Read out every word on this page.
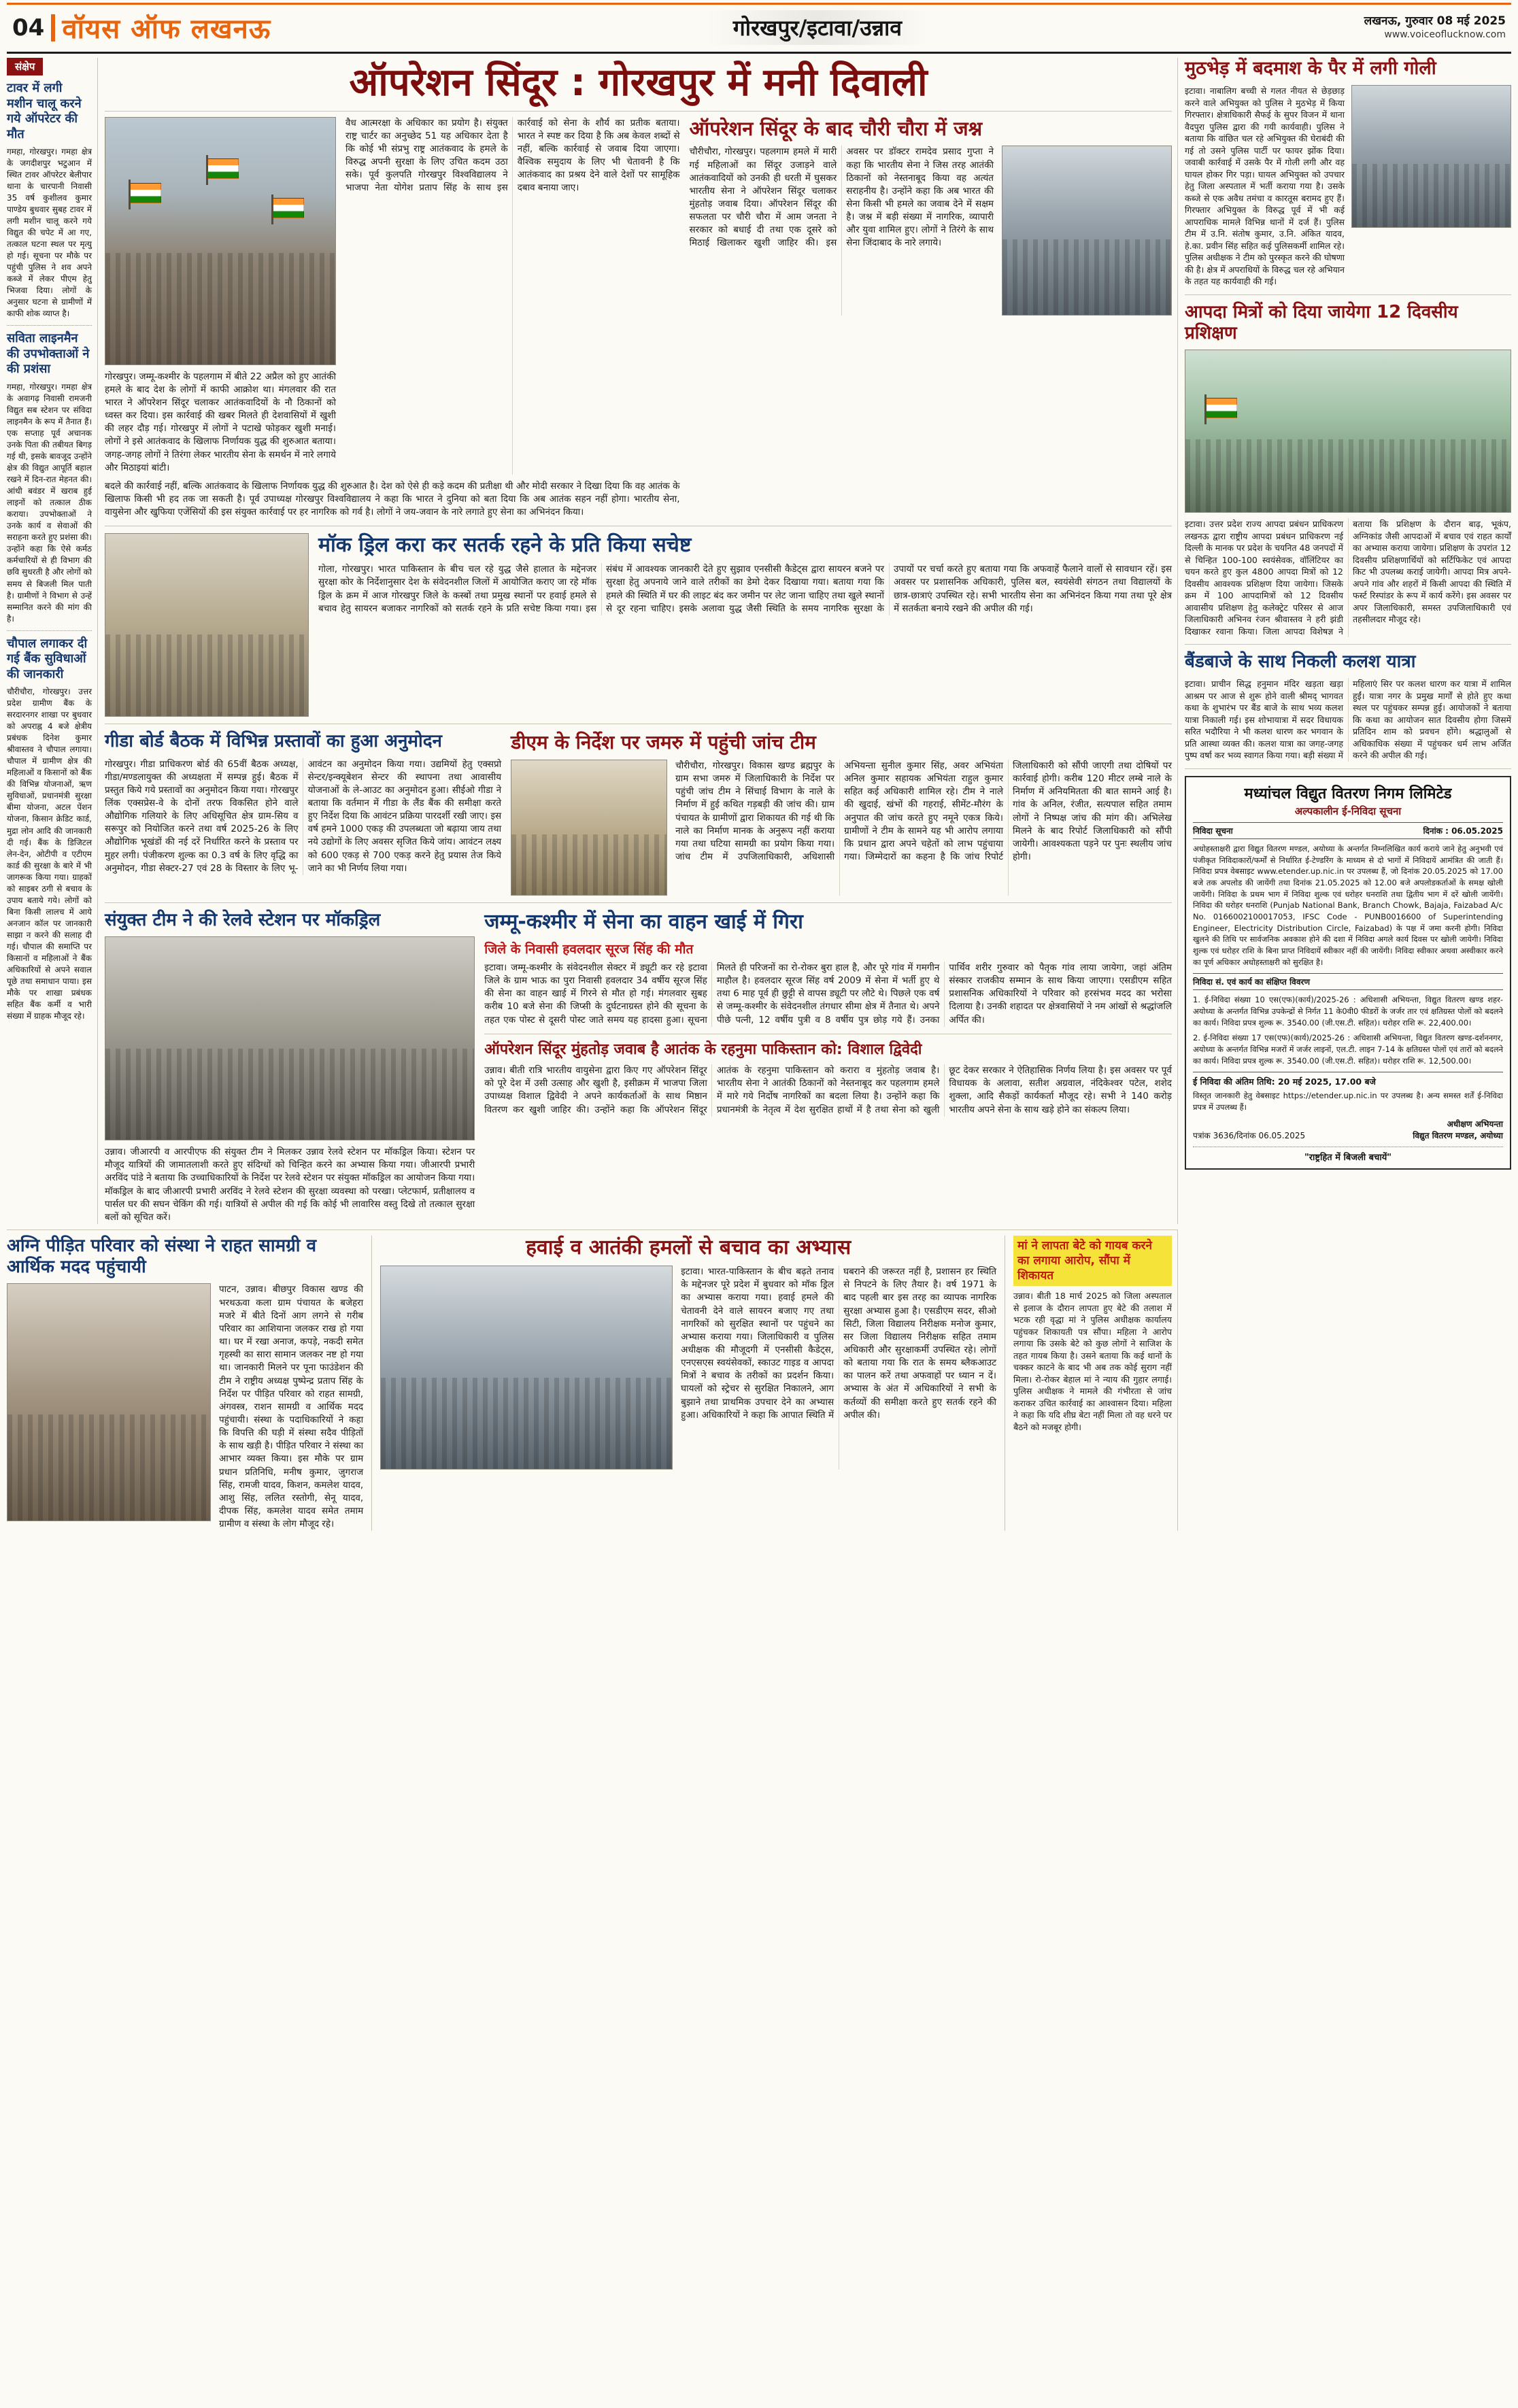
04 वॉयस ऑफ लखनऊ	गोरखपुर/इटावा/उन्नाव	लखनऊ, गुरुवार 08 मई 2025
www.voiceoflucknow.com
संक्षेप
टावर में लगी मशीन चालू करने गये ऑपरेटर की मौत

गमहा, गोरखपुर। गमहा क्षेत्र के जगदीशपुर भटुआन में स्थित टावर ऑपरेटर बेलीपार थाना के चारपानी निवासी 35 वर्ष कुशीलव कुमार पाण्डेय बुधवार सुबह टावर में लगी मशीन चालू करने गये विद्युत की चपेट में आ गए, तत्काल घटना स्थल पर मृत्यु हो गई। सूचना पर मौके पर पहुंची पुलिस ने शव अपने कब्जे में लेकर पीएम हेतु भिजवा दिया। लोगों के अनुसार घटना से ग्रामीणों में काफी शोक व्याप्त है।

सविता लाइनमैन की उपभोक्ताओं ने की प्रशंसा

गमहा, गोरखपुर। गमहा क्षेत्र के अवागढ़ निवासी रामजनी विद्युत सब स्टेशन पर संविदा लाइनमैन के रूप में तैनात हैं। एक सप्ताह पूर्व अचानक उनके पिता की तबीयत बिगड़ गई थी, इसके बावजूद उन्होंने क्षेत्र की विद्युत आपूर्ति बहाल रखने में दिन-रात मेहनत की। आंधी बवंडर में खराब हुई लाइनों को तत्काल ठीक कराया। उपभोक्ताओं ने उनके कार्य व सेवाओं की सराहना करते हुए प्रशंसा की। उन्होंने कहा कि ऐसे कर्मठ कर्मचारियों से ही विभाग की छवि सुधरती है और लोगों को समय से बिजली मिल पाती है। ग्रामीणों ने विभाग से उन्हें सम्मानित करने की मांग की है।

चौपाल लगाकर दी गई बैंक सुविधाओं की जानकारी

चौरीचौरा, गोरखपुर। उत्तर प्रदेश ग्रामीण बैंक के सरदारनगर शाखा पर बुधवार को अपराह्न 4 बजे क्षेत्रीय प्रबंधक दिनेश कुमार श्रीवास्तव ने चौपाल लगाया। चौपाल में ग्रामीण क्षेत्र की महिलाओं व किसानों को बैंक की विभिन्न योजनाओं, ऋण सुविधाओं, प्रधानमंत्री सुरक्षा बीमा योजना, अटल पेंशन योजना, किसान क्रेडिट कार्ड, मुद्रा लोन आदि की जानकारी दी गई। बैंक के डिजिटल लेन-देन, ओटीपी व एटीएम कार्ड की सुरक्षा के बारे में भी जागरूक किया गया। ग्राहकों को साइबर ठगी से बचाव के उपाय बताये गये। लोगों को बिना किसी लालच में आये अनजान कॉल पर जानकारी साझा न करने की सलाह दी गई। चौपाल की समाप्ति पर किसानों व महिलाओं ने बैंक अधिकारियों से अपने सवाल पूछे तथा समाधान पाया। इस मौके पर शाखा प्रबंधक सहित बैंक कर्मी व भारी संख्या में ग्राहक मौजूद रहे।

ऑपरेशन सिंदूर : गोरखपुर में मनी दिवाली

गोरखपुर। जम्मू-कश्मीर के पहलगाम में बीते 22 अप्रैल को हुए आतंकी हमले के बाद देश के लोगों में काफी आक्रोश था। मंगलवार की रात भारत ने ऑपरेशन सिंदूर चलाकर आतंकवादियों के नौ ठिकानों को ध्वस्त कर दिया। इस कार्रवाई की खबर मिलते ही देशवासियों में खुशी की लहर दौड़ गई। गोरखपुर में लोगों ने पटाखे फोड़कर खुशी मनाई। लोगों ने इसे आतंकवाद के खिलाफ निर्णायक युद्ध की शुरुआत बताया। जगह-जगह लोगों ने तिरंगा लेकर भारतीय सेना के समर्थन में नारे लगाये और मिठाइयां बांटी।

वैध आत्मरक्षा के अधिकार का प्रयोग है। संयुक्त राष्ट्र चार्टर का अनुच्छेद 51 यह अधिकार देता है कि कोई भी संप्रभु राष्ट्र आतंकवाद के हमले के विरुद्ध अपनी सुरक्षा के लिए उचित कदम उठा सके। पूर्व कुलपति गोरखपुर विश्वविद्यालय ने भाजपा नेता योगेश प्रताप सिंह के साथ इस कार्रवाई को सेना के शौर्य का प्रतीक बताया। भारत ने स्पष्ट कर दिया है कि अब केवल शब्दों से नहीं, बल्कि कार्रवाई से जवाब दिया जाएगा। वैश्विक समुदाय के लिए भी चेतावनी है कि आतंकवाद का प्रश्रय देने वाले देशों पर सामूहिक दबाव बनाया जाए।
बदले की कार्रवाई नहीं, बल्कि आतंकवाद के खिलाफ निर्णायक युद्ध की शुरुआत है। देश को ऐसे ही कड़े कदम की प्रतीक्षा थी और मोदी सरकार ने दिखा दिया कि वह आतंक के खिलाफ किसी भी हद तक जा सकती है। पूर्व उपाध्यक्ष गोरखपुर विश्वविद्यालय ने कहा कि भारत ने दुनिया को बता दिया कि अब आतंक सहन नहीं होगा। भारतीय सेना, वायुसेना और खुफिया एजेंसियों की इस संयुक्त कार्रवाई पर हर नागरिक को गर्व है। लोगों ने जय-जवान के नारे लगाते हुए सेना का अभिनंदन किया।
ऑपरेशन सिंदूर के बाद चौरी चौरा में जश्न
चौरीचौरा, गोरखपुर। पहलगाम हमले में मारी गई महिलाओं का सिंदूर उजाड़ने वाले आतंकवादियों को उनकी ही धरती में घुसकर भारतीय सेना ने ऑपरेशन सिंदूर चलाकर मुंहतोड़ जवाब दिया। ऑपरेशन सिंदूर की सफलता पर चौरी चौरा में आम जनता ने सरकार को बधाई दी तथा एक दूसरे को मिठाई खिलाकर खुशी जाहिर की। इस अवसर पर डॉक्टर रामदेव प्रसाद गुप्ता ने कहा कि भारतीय सेना ने जिस तरह आतंकी ठिकानों को नेस्तनाबूद किया वह अत्यंत सराहनीय है। उन्होंने कहा कि अब भारत की सेना किसी भी हमले का जवाब देने में सक्षम है। जश्न में बड़ी संख्या में नागरिक, व्यापारी और युवा शामिल हुए। लोगों ने तिरंगे के साथ सेना जिंदाबाद के नारे लगाये।
मॉक ड्रिल करा कर सतर्क रहने के प्रति किया सचेष्ट
गोला, गोरखपुर। भारत पाकिस्तान के बीच चल रहे युद्ध जैसे हालात के मद्देनजर सुरक्षा कोर के निर्देशानुसार देश के संवेदनशील जिलों में आयोजित कराए जा रहे मॉक ड्रिल के क्रम में आज गोरखपुर जिले के कस्बों तथा प्रमुख स्थानों पर हवाई हमले से बचाव हेतु सायरन बजाकर नागरिकों को सतर्क रहने के प्रति सचेष्ट किया गया। इस संबंध में आवश्यक जानकारी देते हुए सुझाव एनसीसी कैडेट्स द्वारा सायरन बजने पर सुरक्षा हेतु अपनाये जाने वाले तरीकों का डेमो देकर दिखाया गया। बताया गया कि हमले की स्थिति में घर की लाइट बंद कर जमीन पर लेट जाना चाहिए तथा खुले स्थानों से दूर रहना चाहिए। इसके अलावा युद्ध जैसी स्थिति के समय नागरिक सुरक्षा के उपायों पर चर्चा करते हुए बताया गया कि अफवाहें फैलाने वालों से सावधान रहें। इस अवसर पर प्रशासनिक अधिकारी, पुलिस बल, स्वयंसेवी संगठन तथा विद्यालयों के छात्र-छात्राएं उपस्थित रहे। सभी भारतीय सेना का अभिनंदन किया गया तथा पूरे क्षेत्र में सतर्कता बनाये रखने की अपील की गई।
गीडा बोर्ड बैठक में विभिन्न प्रस्तावों का हुआ अनुमोदन
गोरखपुर। गीडा प्राधिकरण बोर्ड की 65वीं बैठक अध्यक्ष, गीडा/मण्डलायुक्त की अध्यक्षता में सम्पन्न हुई। बैठक में प्रस्तुत किये गये प्रस्तावों का अनुमोदन किया गया। गोरखपुर लिंक एक्सप्रेस-वे के दोनों तरफ विकसित होने वाले औद्योगिक गलियारे के लिए अधिसूचित क्षेत्र ग्राम-सिय व सरूपुर को नियोजित करने तथा वर्ष 2025-26 के लिए औद्योगिक भूखंडों की नई दरें निर्धारित करने के प्रस्ताव पर मुहर लगी। पंजीकरण शुल्क का 0.3 वर्ष के लिए वृद्धि का अनुमोदन, गीडा सेक्टर-27 एवं 28 के विस्तार के लिए भू-आवंटन का अनुमोदन किया गया। उद्यमियों हेतु एक्सप्रो सेन्टर/इन्क्यूबेशन सेन्टर की स्थापना तथा आवासीय योजनाओं के ले-आउट का अनुमोदन हुआ। सीईओ गीडा ने बताया कि वर्तमान में गीडा के लैंड बैंक की समीक्षा करते हुए निर्देश दिया कि आवंटन प्रक्रिया पारदर्शी रखी जाए। इस वर्ष हमने 1000 एकड़ की उपलब्धता जो बढ़ाया जाय तथा नये उद्योगों के लिए अवसर सृजित किये जांय। आवंटन लक्ष्य को 600 एकड़ से 700 एकड़ करने हेतु प्रयास तेज किये जाने का भी निर्णय लिया गया।
डीएम के निर्देश पर जमरु में पहुंची जांच टीम
चौरीचौरा, गोरखपुर। विकास खण्ड ब्रह्मपुर के ग्राम सभा जमरु में जिलाधिकारी के निर्देश पर पहुंची जांच टीम ने सिंचाई विभाग के नाले के निर्माण में हुई कथित गड़बड़ी की जांच की। ग्राम पंचायत के ग्रामीणों द्वारा शिकायत की गई थी कि नाले का निर्माण मानक के अनुरूप नहीं कराया गया तथा घटिया सामग्री का प्रयोग किया गया। जांच टीम में उपजिलाधिकारी, अधिशासी अभियन्ता सुनील कुमार सिंह, अवर अभियंता अनिल कुमार सहायक अभियंता राहुल कुमार सहित कई अधिकारी शामिल रहे। टीम ने नाले की खुदाई, खंभों की गहराई, सीमेंट-मौरंग के अनुपात की जांच करते हुए नमूने एकत्र किये। ग्रामीणों ने टीम के सामने यह भी आरोप लगाया कि प्रधान द्वारा अपने चहेतों को लाभ पहुंचाया गया। जिम्मेदारों का कहना है कि जांच रिपोर्ट जिलाधिकारी को सौंपी जाएगी तथा दोषियों पर कार्रवाई होगी। करीब 120 मीटर लम्बे नाले के निर्माण में अनियमितता की बात सामने आई है। गांव के अनिल, रंजीत, सत्यपाल सहित तमाम लोगों ने निष्पक्ष जांच की मांग की। अभिलेख मिलने के बाद रिपोर्ट जिलाधिकारी को सौंपी जायेगी। आवश्यकता पड़ने पर पुनः स्थलीय जांच होगी।
संयुक्त टीम ने की रेलवे स्टेशन पर मॉकड्रिल
उन्नाव। जीआरपी व आरपीएफ की संयुक्त टीम ने मिलकर उन्नाव रेलवे स्टेशन पर मॉकड्रिल किया। स्टेशन पर मौजूद यात्रियों की जामातलाशी करते हुए संदिग्धों को चिन्हित करने का अभ्यास किया गया। जीआरपी प्रभारी अरविंद पांडे ने बताया कि उच्चाधिकारियों के निर्देश पर रेलवे स्टेशन पर संयुक्त मॉकड्रिल का आयोजन किया गया। मॉकड्रिल के बाद जीआरपी प्रभारी अरविंद ने रेलवे स्टेशन की सुरक्षा व्यवस्था को परखा। प्लेटफार्म, प्रतीक्षालय व पार्सल घर की सघन चेकिंग की गई। यात्रियों से अपील की गई कि कोई भी लावारिस वस्तु दिखे तो तत्काल सुरक्षा बलों को सूचित करें।
जम्मू-कश्मीर में सेना का वाहन खाई में गिरा
जिले के निवासी हवलदार सूरज सिंह की मौत
इटावा। जम्मू-कश्मीर के संवेदनशील सेक्टर में ड्यूटी कर रहे इटावा जिले के ग्राम भाऊ का पुरा निवासी हवलदार 34 वर्षीय सूरज सिंह की सेना का वाहन खाई में गिरने से मौत हो गई। मंगलवार सुबह करीब 10 बजे सेना की जिप्सी के दुर्घटनाग्रस्त होने की सूचना के तहत एक पोस्ट से दूसरी पोस्ट जाते समय यह हादसा हुआ। सूचना मिलते ही परिजनों का रो-रोकर बुरा हाल है, और पूरे गांव में गमगीन माहौल है। हवलदार सूरज सिंह वर्ष 2009 में सेना में भर्ती हुए थे तथा 6 माह पूर्व ही छुट्टी से वापस ड्यूटी पर लौटे थे। पिछले एक वर्ष से जम्मू-कश्मीर के संवेदनशील तंगधार सीमा क्षेत्र में तैनात थे। अपने पीछे पत्नी, 12 वर्षीय पुत्री व 8 वर्षीय पुत्र छोड़ गये हैं। उनका पार्थिव शरीर गुरुवार को पैतृक गांव लाया जायेगा, जहां अंतिम संस्कार राजकीय सम्मान के साथ किया जाएगा। एसडीएम सहित प्रशासनिक अधिकारियों ने परिवार को हरसंभव मदद का भरोसा दिलाया है। उनकी शहादत पर क्षेत्रवासियों ने नम आंखों से श्रद्धांजलि अर्पित की।
ऑपरेशन सिंदूर मुंहतोड़ जवाब है आतंक के रहनुमा पाकिस्तान को: विशाल द्विवेदी
उन्नाव। बीती रात्रि भारतीय वायुसेना द्वारा किए गए ऑपरेशन सिंदूर को पूरे देश में उसी उत्साह और खुशी है, इसीक्रम में भाजपा जिला उपाध्यक्ष विशाल द्विवेदी ने अपने कार्यकर्ताओं के साथ मिष्ठान वितरण कर खुशी जाहिर की। उन्होंने कहा कि ऑपरेशन सिंदूर आतंक के रहनुमा पाकिस्तान को करारा व मुंहतोड़ जवाब है। भारतीय सेना ने आतंकी ठिकानों को नेस्तनाबूद कर पहलगाम हमले में मारे गये निर्दोष नागरिकों का बदला लिया है। उन्होंने कहा कि प्रधानमंत्री के नेतृत्व में देश सुरक्षित हाथों में है तथा सेना को खुली छूट देकर सरकार ने ऐतिहासिक निर्णय लिया है। इस अवसर पर पूर्व विधायक के अलावा, सतीश अग्रवाल, नंदिकेश्वर पटेल, शशेद शुक्ला, आदि सैकड़ों कार्यकर्ता मौजूद रहे। सभी ने 140 करोड़ भारतीय अपने सेना के साथ खड़े होने का संकल्प लिया।
मुठभेड़ में बदमाश के पैर में लगी गोली
इटावा। नाबालिग बच्ची से गलत नीयत से छेड़छाड़ करने वाले अभियुक्त को पुलिस ने मुठभेड़ में किया गिरफ्तार। क्षेत्राधिकारी सैफई के सुपर विजन में थाना वैदपुरा पुलिस द्वारा की गयी कार्यवाही। पुलिस ने बताया कि वांछित चल रहे अभियुक्त की घेराबंदी की गई तो उसने पुलिस पार्टी पर फायर झोंक दिया। जवाबी कार्रवाई में उसके पैर में गोली लगी और वह घायल होकर गिर पड़ा। घायल अभियुक्त को उपचार हेतु जिला अस्पताल में भर्ती कराया गया है। उसके कब्जे से एक अवैध तमंचा व कारतूस बरामद हुए हैं। गिरफ्तार अभियुक्त के विरुद्ध पूर्व में भी कई आपराधिक मामले विभिन्न थानों में दर्ज हैं। पुलिस टीम में उ.नि. संतोष कुमार, उ.नि. अंकित यादव, हे.का. प्रवीन सिंह सहित कई पुलिसकर्मी शामिल रहे। पुलिस अधीक्षक ने टीम को पुरस्कृत करने की घोषणा की है। क्षेत्र में अपराधियों के विरुद्ध चल रहे अभियान के तहत यह कार्यवाही की गई।
आपदा मित्रों को दिया जायेगा 12 दिवसीय प्रशिक्षण
इटावा। उत्तर प्रदेश राज्य आपदा प्रबंधन प्राधिकरण लखनऊ द्वारा राष्ट्रीय आपदा प्रबंधन प्राधिकरण नई दिल्ली के मानक पर प्रदेश के चयनित 48 जनपदों में से चिन्हित 100-100 स्वयंसेवक, वॉलिंटियर का चयन करते हुए कुल 4800 आपदा मित्रों को 12 दिवसीय आवश्यक प्रशिक्षण दिया जायेगा। जिसके क्रम में 100 आपदामित्रों को 12 दिवसीय आवासीय प्रशिक्षण हेतु कलेक्ट्रेट परिसर से आज जिलाधिकारी अभिनव रंजन श्रीवास्तव ने हरी झंडी दिखाकर रवाना किया। जिला आपदा विशेषज्ञ ने बताया कि प्रशिक्षण के दौरान बाढ़, भूकंप, अग्निकांड जैसी आपदाओं में बचाव एवं राहत कार्यों का अभ्यास कराया जायेगा। प्रशिक्षण के उपरांत 12 दिवसीय प्रशिक्षणार्थियों को सर्टिफिकेट एवं आपदा किट भी उपलब्ध कराई जायेगी। आपदा मित्र अपने-अपने गांव और शहरों में किसी आपदा की स्थिति में फर्स्ट रिस्पांडर के रूप में कार्य करेंगे। इस अवसर पर अपर जिलाधिकारी, समस्त उपजिलाधिकारी एवं तहसीलदार मौजूद रहे।
बैंडबाजे के साथ निकली कलश यात्रा
इटावा। प्राचीन सिद्ध हनुमान मंदिर खड़ता खड़ा आश्रम पर आज से शुरू होने वाली श्रीमद् भागवत कथा के शुभारंभ पर बैंड बाजे के साथ भव्य कलश यात्रा निकाली गई। इस शोभायात्रा में सदर विधायक सरित भदौरिया ने भी कलश धारण कर भगवान के प्रति आस्था व्यक्त की। कलश यात्रा का जगह-जगह पुष्प वर्षा कर भव्य स्वागत किया गया। बड़ी संख्या में महिलाएं सिर पर कलश धारण कर यात्रा में शामिल हुईं। यात्रा नगर के प्रमुख मार्गों से होते हुए कथा स्थल पर पहुंचकर सम्पन्न हुई। आयोजकों ने बताया कि कथा का आयोजन सात दिवसीय होगा जिसमें प्रतिदिन शाम को प्रवचन होंगे। श्रद्धालुओं से अधिकाधिक संख्या में पहुंचकर धर्म लाभ अर्जित करने की अपील की गई।
मध्यांचल विद्युत वितरण निगम लिमिटेड
अल्पकालीन ई-निविदा सूचना
निविदा सूचना	दिनांक : 06.05.2025
अधोहस्ताक्षरी द्वारा विद्युत वितरण मण्डल, अयोध्या के अन्तर्गत निम्नलिखित कार्य कराये जाने हेतु अनुभवी एवं पंजीकृत निविदाकारों/फर्मों से निर्धारित ई-टेण्डरिंग के माध्यम से दो भागों में निविदायें आमंत्रित की जाती हैं। निविदा प्रपत्र वेबसाइट www.etender.up.nic.in पर उपलब्ध हैं, जो दिनांक 20.05.2025 को 17.00 बजे तक अपलोड की जायेंगी तथा दिनांक 21.05.2025 को 12.00 बजे अपलोडकर्ताओं के समक्ष खोली जायेंगी। निविदा के प्रथम भाग में निविदा शुल्क एवं धरोहर धनराशि तथा द्वितीय भाग में दरें खोली जायेंगी। निविदा की धरोहर धनराशि (Punjab National Bank, Branch Chowk, Bajaja, Faizabad A/c No. 0166002100017053, IFSC Code - PUNB0016600 of Superintending Engineer, Electricity Distribution Circle, Faizabad) के पक्ष में जमा करनी होगी। निविदा खुलने की तिथि पर सार्वजनिक अवकाश होने की दशा में निविदा अगले कार्य दिवस पर खोली जायेगी। निविदा शुल्क एवं धरोहर राशि के बिना प्राप्त निविदायें स्वीकार नहीं की जायेंगी। निविदा स्वीकार अथवा अस्वीकार करने का पूर्ण अधिकार अधोहस्ताक्षरी को सुरक्षित है।
निविदा सं. एवं कार्य का संक्षिप्त विवरण
1. ई-निविदा संख्या 10 एस(एफ)(कार्य)/2025-26 : अधिशासी अभियन्ता, विद्युत वितरण खण्ड शहर-अयोध्या के अन्तर्गत विभिन्न उपकेन्द्रों से निर्गत 11 के0वी0 फीडरों के जर्जर तार एवं क्षतिग्रस्त पोलों को बदलने का कार्य। निविदा प्रपत्र शुल्क रू. 3540.00 (जी.एस.टी. सहित)। धरोहर राशि रू. 22,400.00।
2. ई-निविदा संख्या 17 एस(एफ)(कार्य)/2025-26 : अधिशासी अभियन्ता, विद्युत वितरण खण्ड-दर्शननगर, अयोध्या के अन्तर्गत विभिन्न मजरों में जर्जर लाइनों, एल.टी. लाइन 7-14 के क्षतिग्रस्त पोलों एवं तारों को बदलने का कार्य। निविदा प्रपत्र शुल्क रू. 3540.00 (जी.एस.टी. सहित)। धरोहर राशि रू. 12,500.00।
ई निविदा की अंतिम तिथि: 20 मई 2025, 17.00 बजे
विस्तृत जानकारी हेतु वेबसाइट https://etender.up.nic.in पर उपलब्ध है। अन्य समस्त शर्तें ई-निविदा प्रपत्र में उपलब्ध हैं।
पत्रांक 3636/दिनांक 06.05.2025
अधीक्षण अभियन्ता
विद्युत वितरण मण्डल, अयोध्या
"राष्ट्रहित में बिजली बचायें"
अग्नि पीड़ित परिवार को संस्था ने राहत सामग्री व आर्थिक मदद पहुंचायी
पाटन, उन्नाव। बीछपुर विकास खण्ड की भरथऊवा कला ग्राम पंचायत के बजेहरा मजरे में बीते दिनों आग लगने से गरीब परिवार का आशियाना जलकर राख हो गया था। घर में रखा अनाज, कपड़े, नकदी समेत गृहस्थी का सारा सामान जलकर नष्ट हो गया था। जानकारी मिलने पर पूना फाउंडेशन की टीम ने राष्ट्रीय अध्यक्ष पुष्पेन्द्र प्रताप सिंह के निर्देश पर पीड़ित परिवार को राहत सामग्री, अंगवस्त्र, राशन सामग्री व आर्थिक मदद पहुंचायी। संस्था के पदाधिकारियों ने कहा कि विपत्ति की घड़ी में संस्था सदैव पीड़ितों के साथ खड़ी है। पीड़ित परिवार ने संस्था का आभार व्यक्त किया। इस मौके पर ग्राम प्रधान प्रतिनिधि, मनीष कुमार, जुगराज सिंह, रामजी यादव, किशन, कमलेश यादव, आशु सिंह, ललित रस्तोगी, सेनू यादव, दीपक सिंह, कमलेश यादव समेत तमाम ग्रामीण व संस्था के लोग मौजूद रहे।
हवाई व आतंकी हमलों से बचाव का अभ्यास
इटावा। भारत-पाकिस्तान के बीच बढ़ते तनाव के मद्देनजर पूरे प्रदेश में बुधवार को मॉक ड्रिल का अभ्यास कराया गया। हवाई हमले की चेतावनी देने वाले सायरन बजाए गए तथा नागरिकों को सुरक्षित स्थानों पर पहुंचने का अभ्यास कराया गया। जिलाधिकारी व पुलिस अधीक्षक की मौजूदगी में एनसीसी कैडेट्स, एनएसएस स्वयंसेवकों, स्काउट गाइड व आपदा मित्रों ने बचाव के तरीकों का प्रदर्शन किया। घायलों को स्ट्रेचर से सुरक्षित निकालने, आग बुझाने तथा प्राथमिक उपचार देने का अभ्यास हुआ। अधिकारियों ने कहा कि आपात स्थिति में घबराने की जरूरत नहीं है, प्रशासन हर स्थिति से निपटने के लिए तैयार है। वर्ष 1971 के बाद पहली बार इस तरह का व्यापक नागरिक सुरक्षा अभ्यास हुआ है। एसडीएम सदर, सीओ सिटी, जिला विद्यालय निरीक्षक मनोज कुमार, सर जिला विद्यालय निरीक्षक सहित तमाम अधिकारी और सुरक्षाकर्मी उपस्थित रहे। लोगों को बताया गया कि रात के समय ब्लैकआउट का पालन करें तथा अफवाहों पर ध्यान न दें। अभ्यास के अंत में अधिकारियों ने सभी के कर्तव्यों की समीक्षा करते हुए सतर्क रहने की अपील की।
मां ने लापता बेटे को गायब करने का लगाया आरोप, सौंपा में शिकायत
उन्नाव। बीती 18 मार्च 2025 को जिला अस्पताल से इलाज के दौरान लापता हुए बेटे की तलाश में भटक रही वृद्धा मां ने पुलिस अधीक्षक कार्यालय पहुंचकर शिकायती पत्र सौंपा। महिला ने आरोप लगाया कि उसके बेटे को कुछ लोगों ने साजिश के तहत गायब किया है। उसने बताया कि कई थानों के चक्कर काटने के बाद भी अब तक कोई सुराग नहीं मिला। रो-रोकर बेहाल मां ने न्याय की गुहार लगाई। पुलिस अधीक्षक ने मामले की गंभीरता से जांच कराकर उचित कार्रवाई का आश्वासन दिया। महिला ने कहा कि यदि शीघ्र बेटा नहीं मिला तो वह धरने पर बैठने को मजबूर होगी।
